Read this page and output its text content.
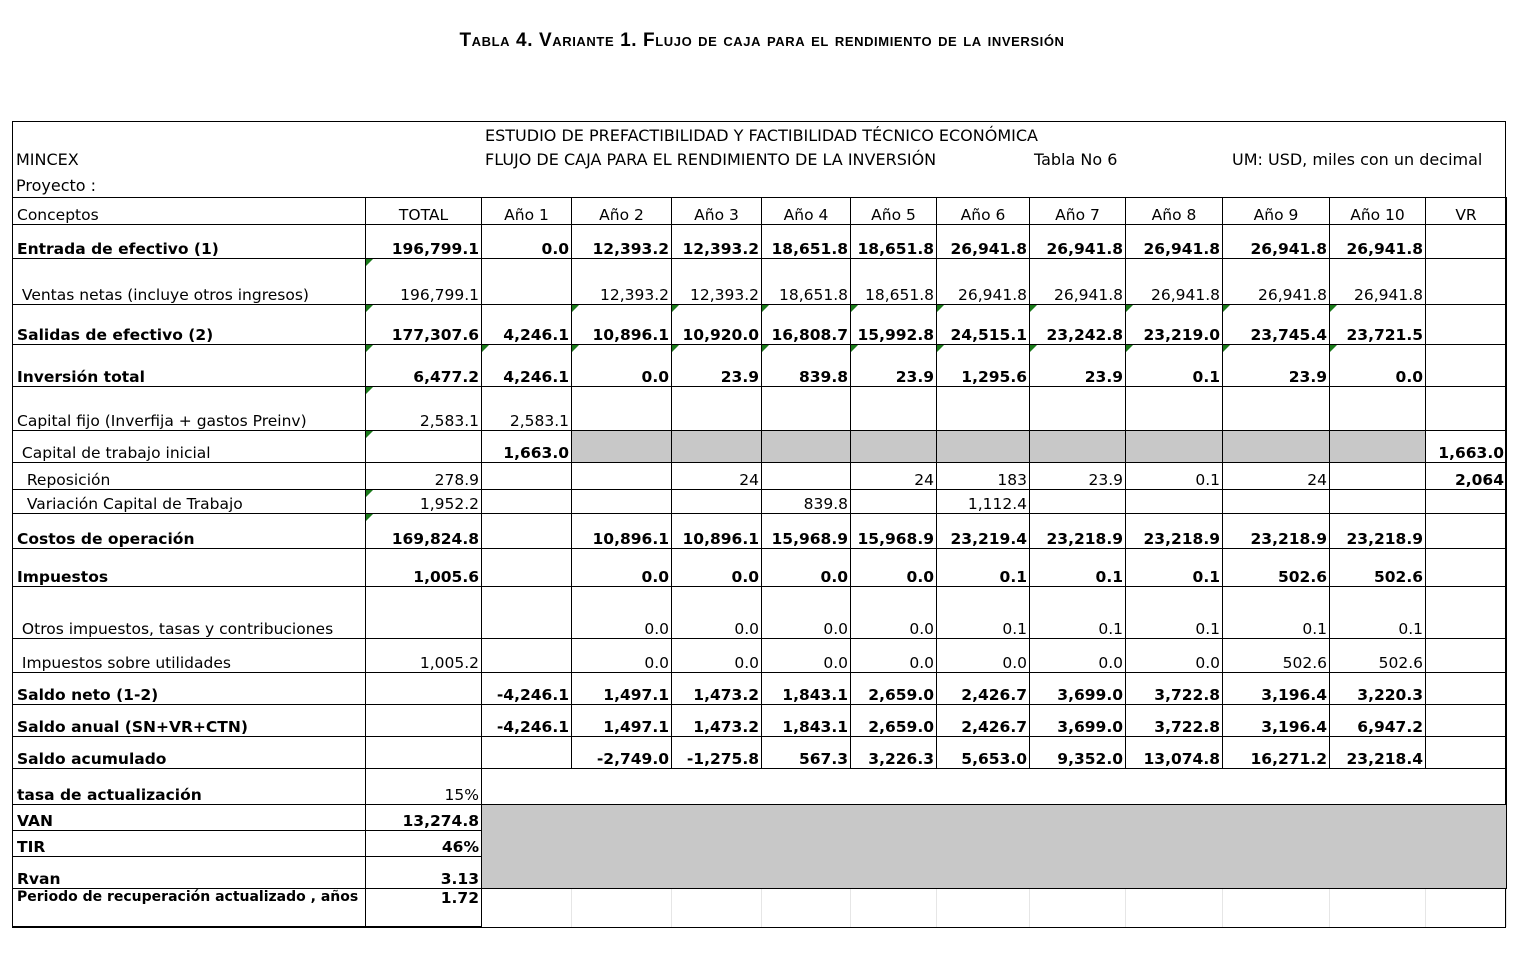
Tabla 4. Variante 1. Flujo de caja para el rendimiento de la inversión
MINCEX
Proyecto :
ESTUDIO DE PREFACTIBILIDAD Y FACTIBILIDAD TÉCNICO ECONÓMICA
FLUJO DE CAJA PARA EL RENDIMIENTO DE LA INVERSIÓN	Tabla No 6	UM: USD, miles con un decimal
Conceptos	TOTAL	Año 1	Año 2	Año 3	Año 4	Año 5	Año 6	Año 7	Año 8	Año 9	Año 10	VR
Entrada de efectivo (1)	196,799.1	0.0	12,393.2	12,393.2	18,651.8	18,651.8	26,941.8	26,941.8	26,941.8	26,941.8	26,941.8	
Ventas netas (incluye otros ingresos)	196,799.1		12,393.2	12,393.2	18,651.8	18,651.8	26,941.8	26,941.8	26,941.8	26,941.8	26,941.8	
Salidas de efectivo (2)	177,307.6	4,246.1	10,896.1	10,920.0	16,808.7	15,992.8	24,515.1	23,242.8	23,219.0	23,745.4	23,721.5	
Inversión total	6,477.2	4,246.1	0.0	23.9	839.8	23.9	1,295.6	23.9	0.1	23.9	0.0	
Capital fijo (Inverfija + gastos Preinv)	2,583.1	2,583.1										
Capital de trabajo inicial		1,663.0										1,663.0
Reposición	278.9			24		24	183	23.9	0.1	24		2,064
Variación Capital de Trabajo	1,952.2				839.8		1,112.4					
Costos de operación	169,824.8		10,896.1	10,896.1	15,968.9	15,968.9	23,219.4	23,218.9	23,218.9	23,218.9	23,218.9	
Impuestos	1,005.6		0.0	0.0	0.0	0.0	0.1	0.1	0.1	502.6	502.6	
Otros impuestos, tasas y contribuciones			0.0	0.0	0.0	0.0	0.1	0.1	0.1	0.1	0.1	
Impuestos sobre utilidades	1,005.2		0.0	0.0	0.0	0.0	0.0	0.0	0.0	502.6	502.6	
Saldo neto (1-2)		-4,246.1	1,497.1	1,473.2	1,843.1	2,659.0	2,426.7	3,699.0	3,722.8	3,196.4	3,220.3	
Saldo anual (SN+VR+CTN)		-4,246.1	1,497.1	1,473.2	1,843.1	2,659.0	2,426.7	3,699.0	3,722.8	3,196.4	6,947.2	
Saldo acumulado			-2,749.0	-1,275.8	567.3	3,226.3	5,653.0	9,352.0	13,074.8	16,271.2	23,218.4	
tasa de actualización	15%											
VAN	13,274.8											
TIR	46%											
Rvan	3.13											
Periodo de recuperación actualizado , años	1.72											
